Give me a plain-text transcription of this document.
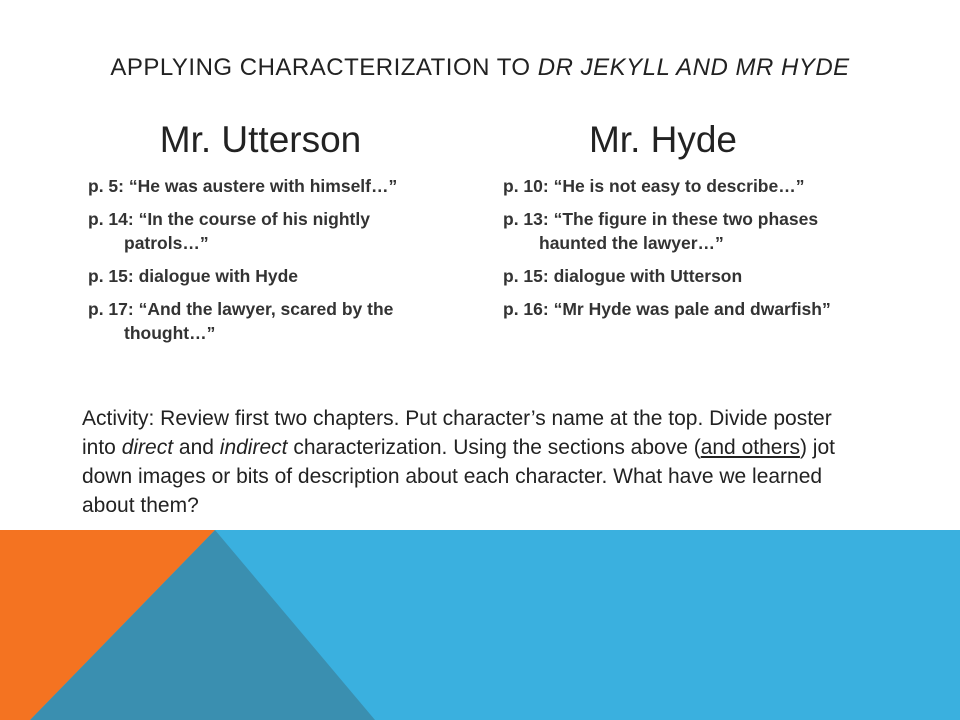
APPLYING CHARACTERIZATION TO DR JEKYLL AND MR HYDE
Mr. Utterson
p. 5: “He was austere with himself…”
p. 14: “In the course of his nightly patrols…”
p. 15: dialogue with Hyde
p. 17: “And the lawyer, scared by the thought…”
Mr. Hyde
p. 10: “He is not easy to describe…”
p. 13: “The figure in these two phases haunted the lawyer…”
p. 15: dialogue with Utterson
p. 16: “Mr Hyde was pale and dwarfish”
Activity: Review first two chapters. Put character’s name at the top. Divide poster into direct and indirect characterization. Using the sections above (and others) jot down images or bits of description about each character. What have we learned about them?
